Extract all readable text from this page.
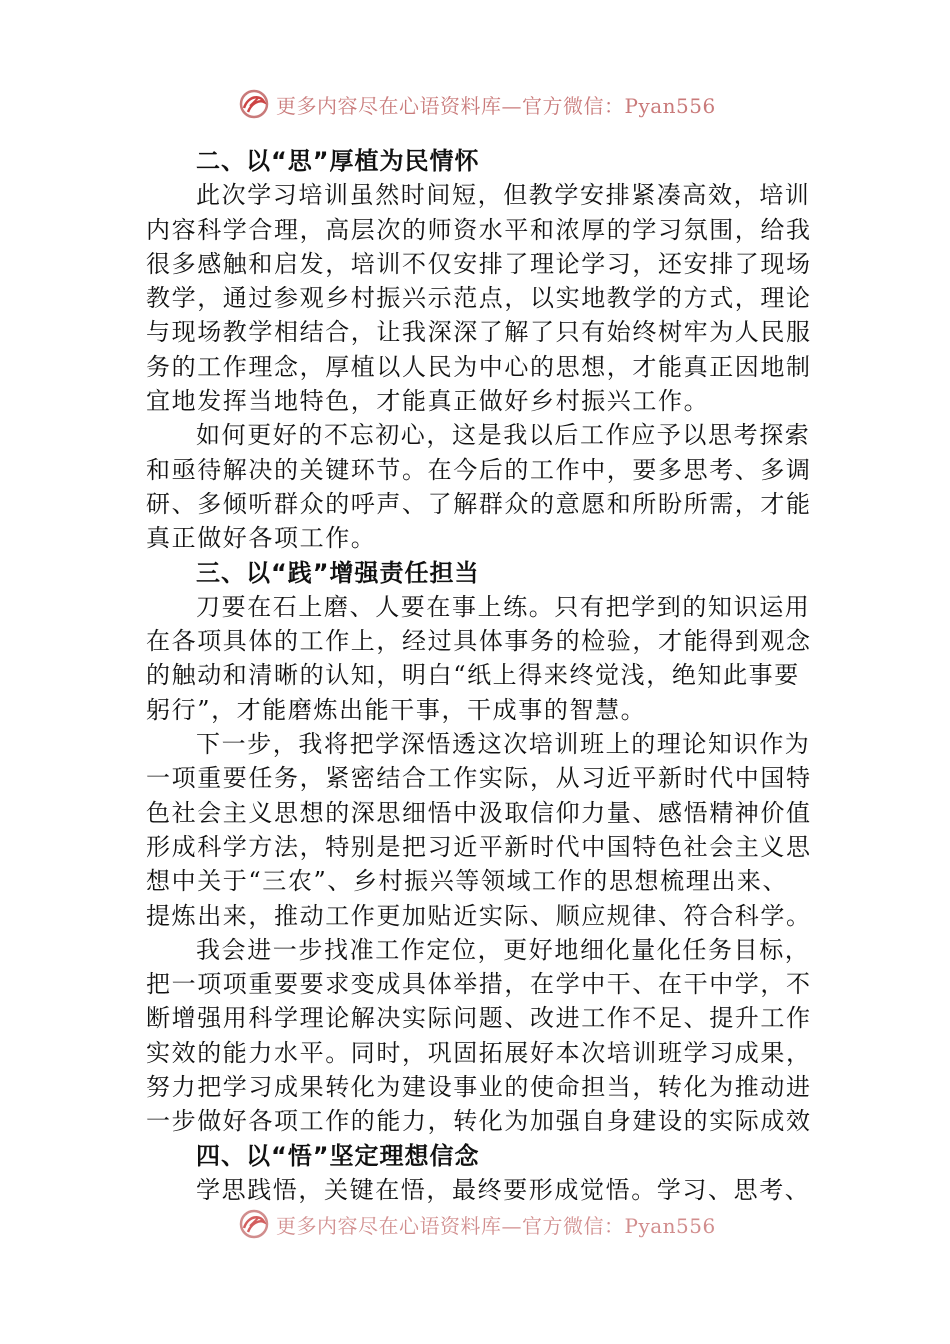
更多内容尽在心语资料库—官方微信：Pyan556
二、以“思”厚植为民情怀
此次学习培训虽然时间短，但教学安排紧凑高效，培训
内容科学合理，高层次的师资水平和浓厚的学习氛围，给我
很多感触和启发，培训不仅安排了理论学习，还安排了现场
教学，通过参观乡村振兴示范点，以实地教学的方式，理论
与现场教学相结合，让我深深了解了只有始终树牢为人民服
务的工作理念，厚植以人民为中心的思想，才能真正因地制
宜地发挥当地特色，才能真正做好乡村振兴工作。
如何更好的不忘初心，这是我以后工作应予以思考探索
和亟待解决的关键环节。在今后的工作中，要多思考、多调
研、多倾听群众的呼声、了解群众的意愿和所盼所需，才能
真正做好各项工作。
三、以“践”增强责任担当
刀要在石上磨、人要在事上练。只有把学到的知识运用
在各项具体的工作上，经过具体事务的检验，才能得到观念
的触动和清晰的认知，明白“纸上得来终觉浅，绝知此事要
躬行”，才能磨炼出能干事，干成事的智慧。
下一步，我将把学深悟透这次培训班上的理论知识作为
一项重要任务，紧密结合工作实际，从习近平新时代中国特
色社会主义思想的深思细悟中汲取信仰力量、感悟精神价值
形成科学方法，特别是把习近平新时代中国特色社会主义思
想中关于“三农”、乡村振兴等领域工作的思想梳理出来、
提炼出来，推动工作更加贴近实际、顺应规律、符合科学。
我会进一步找准工作定位，更好地细化量化任务目标，
把一项项重要要求变成具体举措，在学中干、在干中学，不
断增强用科学理论解决实际问题、改进工作不足、提升工作
实效的能力水平。同时，巩固拓展好本次培训班学习成果，
努力把学习成果转化为建设事业的使命担当，转化为推动进
一步做好各项工作的能力，转化为加强自身建设的实际成效
四、以“悟”坚定理想信念
学思践悟，关键在悟，最终要形成觉悟。学习、思考、
更多内容尽在心语资料库—官方微信：Pyan556
